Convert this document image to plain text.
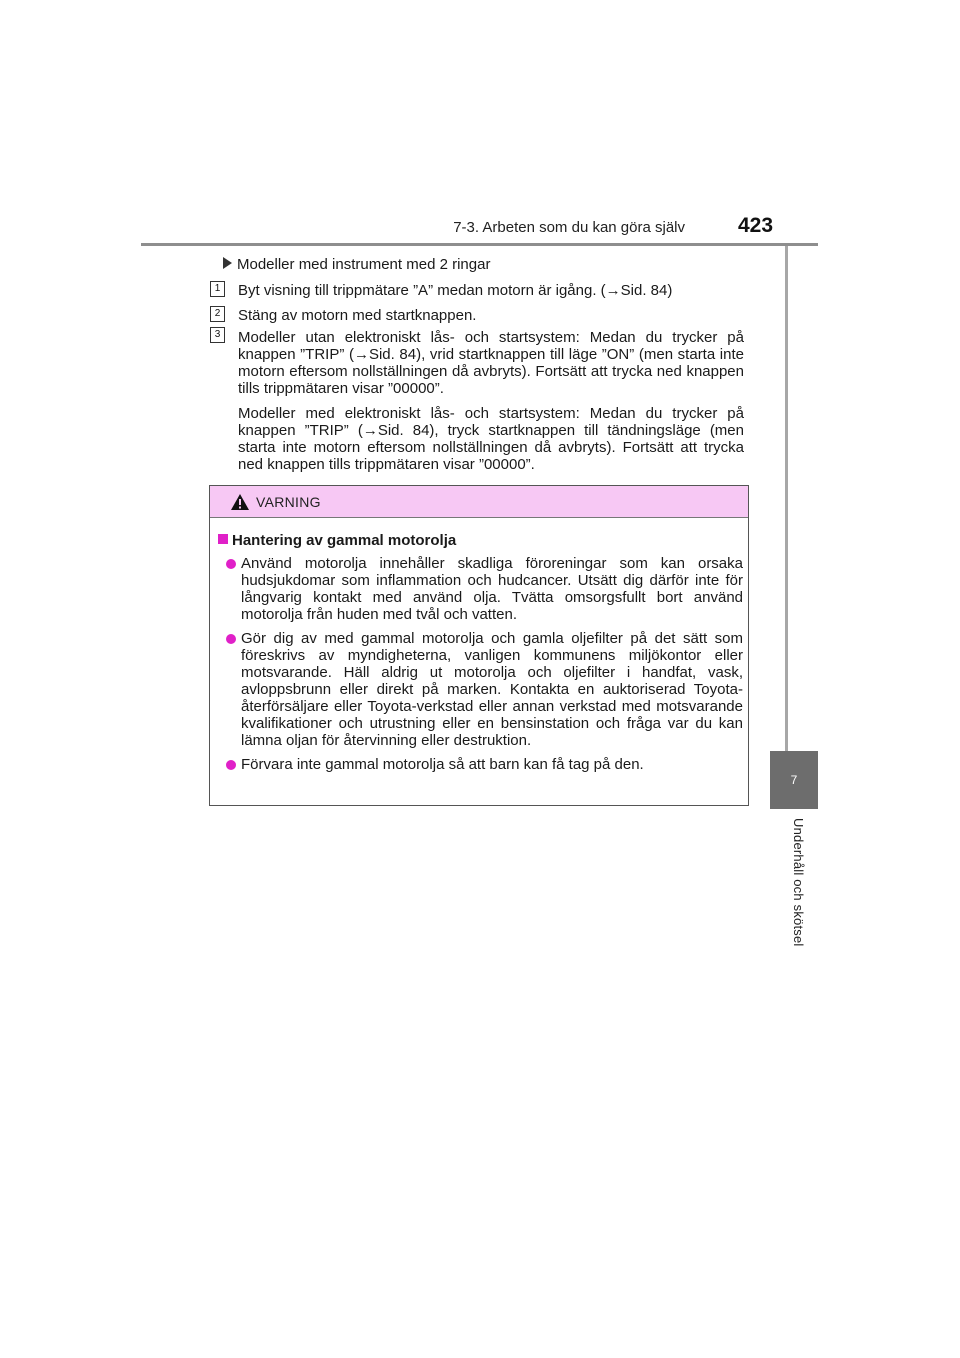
7-3. Arbeten som du kan göra själv	423
7
Underhåll och skötsel
Modeller med instrument med 2 ringar
1	Byt visning till trippmätare ”A” medan motorn är igång. (→Sid. 84)
2	Stäng av motorn med startknappen.
3	Modeller utan elektroniskt lås- och startsystem: Medan du trycker på knappen ”TRIP” (→Sid. 84), vrid startknappen till läge ”ON” (men starta inte motorn eftersom nollställningen då avbryts). Fortsätt att trycka ned knappen tills trippmätaren visar ”00000”.

Modeller med elektroniskt lås- och startsystem: Medan du trycker på knappen ”TRIP” (→Sid. 84), tryck startknappen till tändningsläge (men starta inte motorn eftersom nollställningen då avbryts). Fortsätt att trycka ned knappen tills trippmätaren visar ”00000”.

VARNING
Hantering av gammal motorolja
Använd motorolja innehåller skadliga föroreningar som kan orsaka hudsjukdomar som inflammation och hudcancer. Utsätt dig därför inte för långvarig kontakt med använd olja. Tvätta omsorgsfullt bort använd motorolja från huden med tvål och vatten.
Gör dig av med gammal motorolja och gamla oljefilter på det sätt som föreskrivs av myndigheterna, vanligen kommunens miljökontor eller motsvarande. Häll aldrig ut motorolja och oljefilter i handfat, vask, avloppsbrunn eller direkt på marken. Kontakta en auktoriserad Toyota-återförsäljare eller Toyota-verkstad eller annan verkstad med motsvarande kvalifikationer och utrustning eller en bensinstation och fråga var du kan lämna oljan för återvinning eller destruktion.
Förvara inte gammal motorolja så att barn kan få tag på den.
